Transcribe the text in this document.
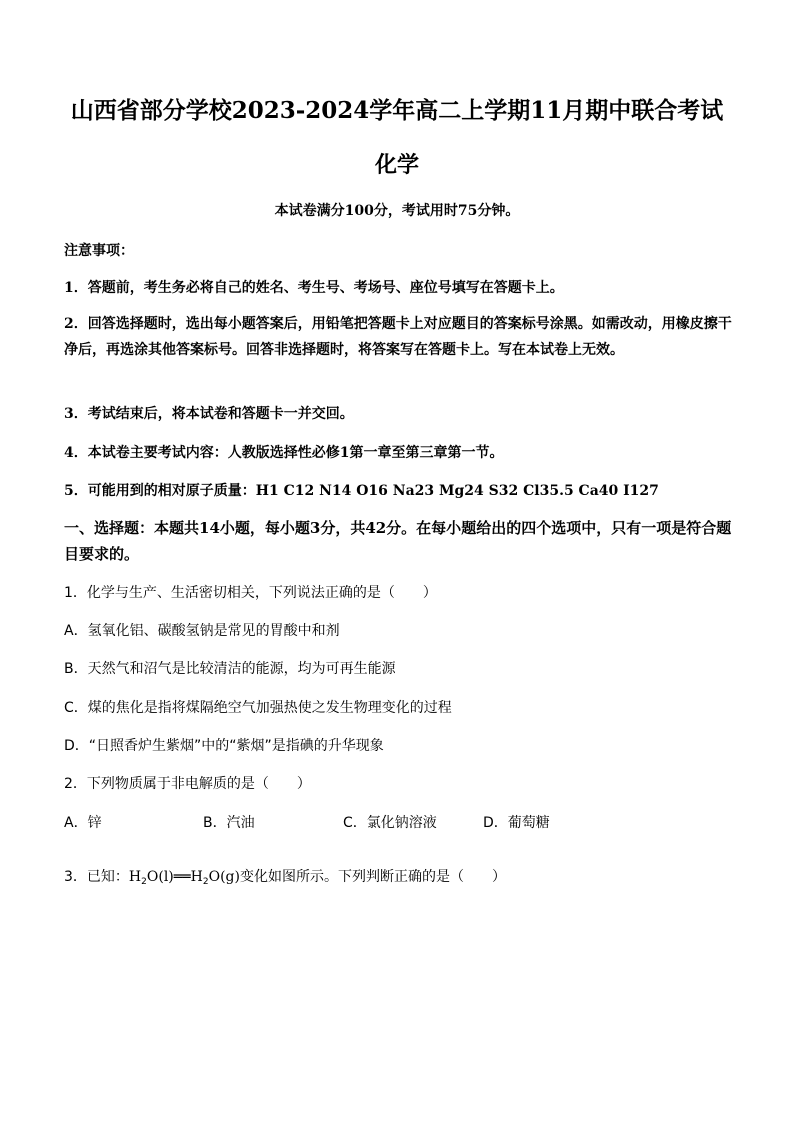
山西省部分学校2023-2024学年高二上学期11月期中联合考试
化学
本试卷满分100分，考试用时75分钟。
注意事项：
1．答题前，考生务必将自己的姓名、考生号、考场号、座位号填写在答题卡上。
2．回答选择题时，选出每小题答案后，用铅笔把答题卡上对应题目的答案标号涂黑。如需改动，用橡皮擦干净后，再选涂其他答案标号。回答非选择题时，将答案写在答题卡上。写在本试卷上无效。
3．考试结束后，将本试卷和答题卡一并交回。
4．本试卷主要考试内容：人教版选择性必修1第一章至第三章第一节。
5．可能用到的相对原子质量：H1 C12 N14 O16 Na23 Mg24 S32 Cl35.5 Ca40 I127
一、选择题：本题共14小题，每小题3分，共42分。在每小题给出的四个选项中，只有一项是符合题目要求的。
1．化学与生产、生活密切相关，下列说法正确的是（　　）
A．氢氧化铝、碳酸氢钠是常见的胃酸中和剂
B．天然气和沼气是比较清洁的能源，均为可再生能源
C．煤的焦化是指将煤隔绝空气加强热使之发生物理变化的过程
D．“日照香炉生紫烟”中的“紫烟”是指碘的升华现象
2．下列物质属于非电解质的是（　　）
A．锌	B．汽油	C．氯化钠溶液	D．葡萄糖
3．已知：$H_2O(l)══H_2O(g)$变化如图所示。下列判断正确的是（　　）
